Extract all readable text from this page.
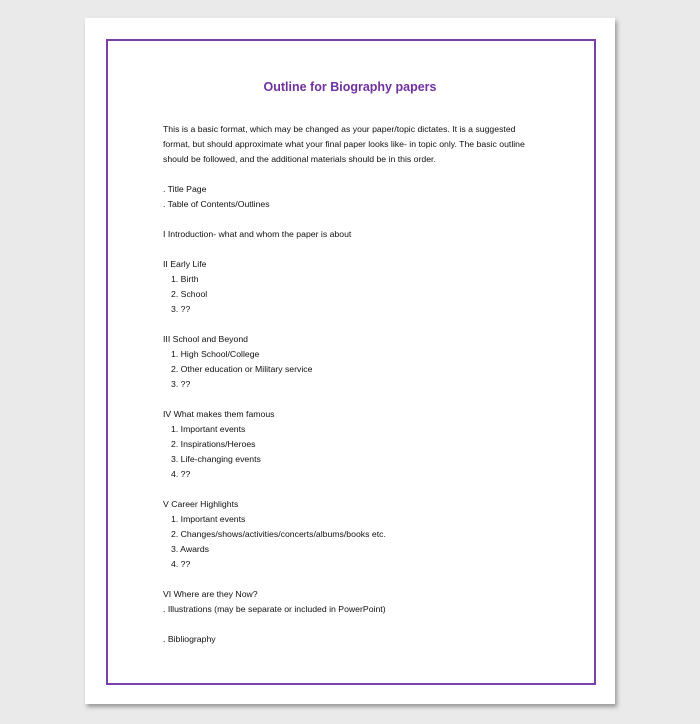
Outline for Biography papers
This is a basic format, which may be changed as your paper/topic dictates. It is a suggested
format, but should approximate what your final paper looks like- in topic only. The basic outline
should be followed, and the additional materials should be in this order.
. Title Page
. Table of Contents/Outlines
I Introduction- what and whom the paper is about
II Early Life
1. Birth
2. School
3. ??
III School and Beyond
1. High School/College
2. Other education or Military service
3. ??
IV What makes them famous
1. Important events
2. Inspirations/Heroes
3. Life-changing events
4. ??
V Career Highlights
1. Important events
2. Changes/shows/activities/concerts/albums/books etc.
3. Awards
4. ??
VI Where are they Now?
. Illustrations (may be separate or included in PowerPoint)
. Bibliography
